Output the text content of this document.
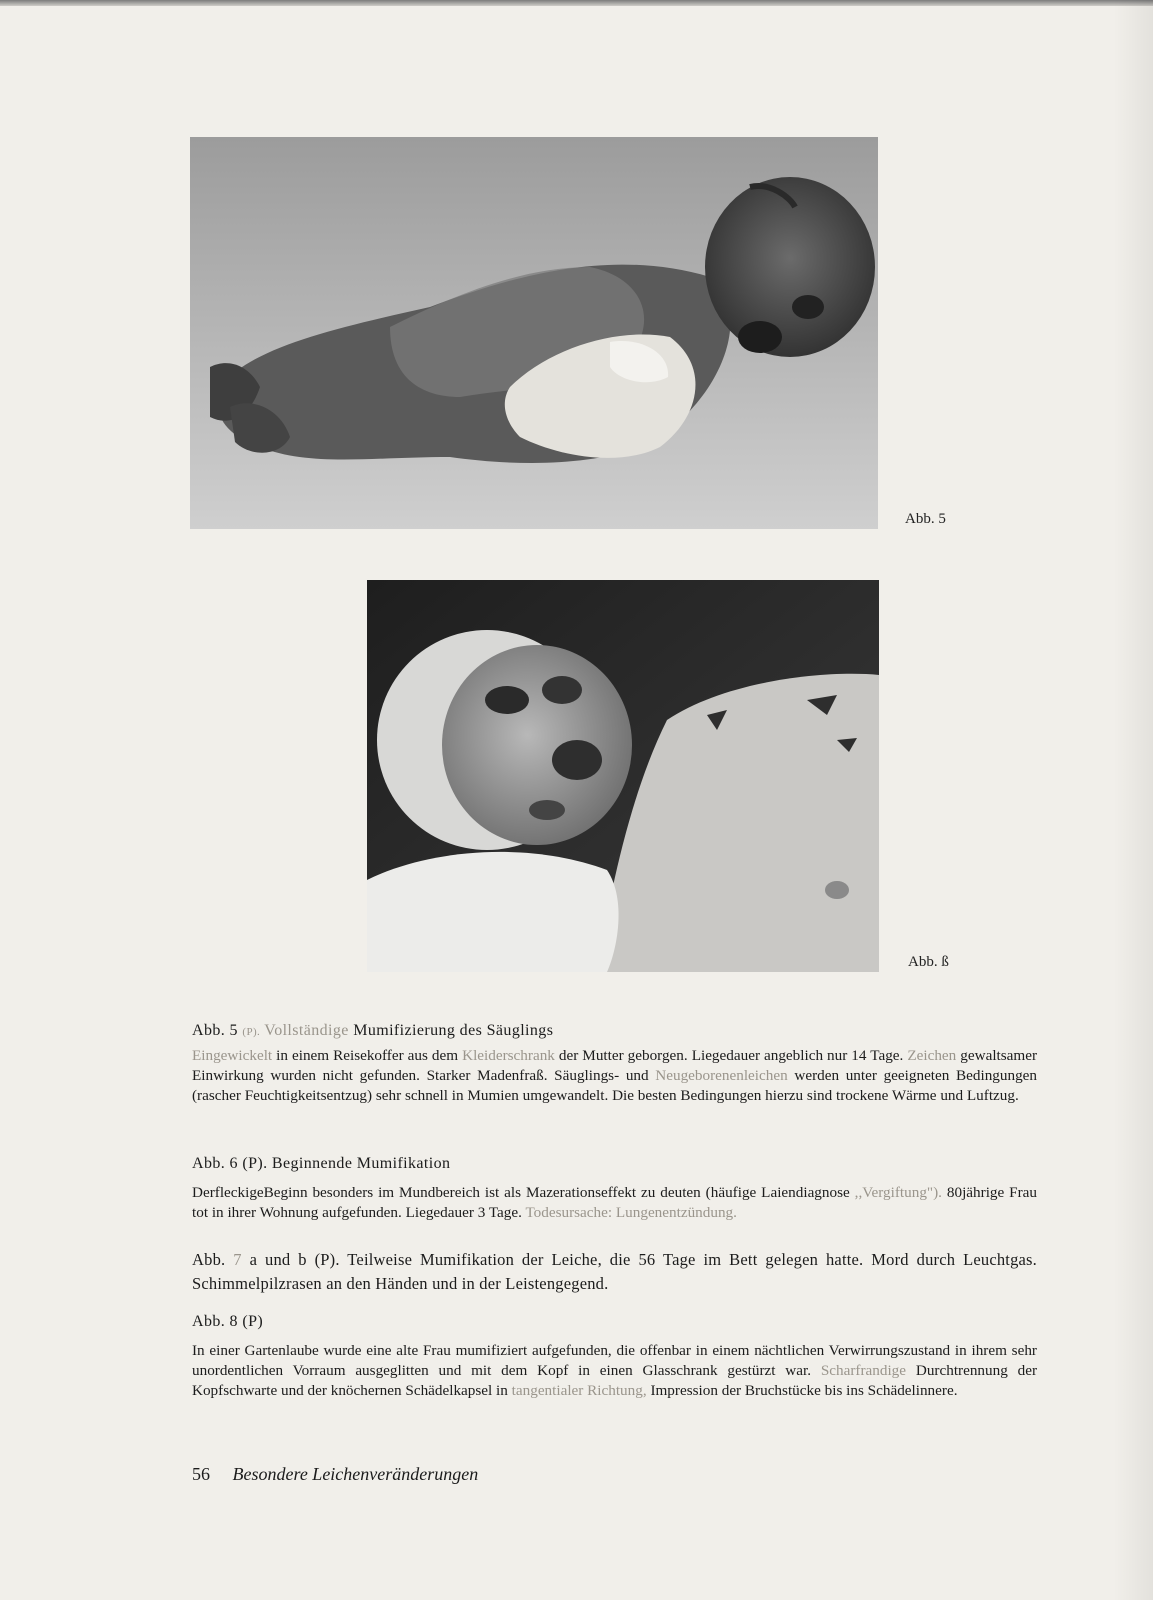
Abb. 5
Abb. ß

Abb. 5 (P). Vollständige Mumifizierung des Säuglings

Eingewickelt in einem Reisekoffer aus dem Kleiderschrank der Mutter geborgen. Liegedauer angeblich nur 14 Tage. Zeichen gewaltsamer Einwirkung wurden nicht gefunden. Starker Madenfraß. Säuglings- und Neugeborenenleichen werden unter geeigneten Bedingungen (rascher Feuchtigkeitsentzug) sehr schnell in Mumien umgewandelt. Die besten Bedingungen hierzu sind trockene Wärme und Luftzug.

Abb. 6 (P). Beginnende Mumifikation

DerfleckigeBeginn besonders im Mundbereich ist als Mazerationseffekt zu deuten (häufige Laiendiagnose ,,Vergiftung"). 80jährige Frau tot in ihrer Wohnung aufgefunden. Liegedauer 3 Tage. Todesursache: Lungenentzündung.

Abb. 7 a und b (P). Teilweise Mumifikation der Leiche, die 56 Tage im Bett gelegen hatte. Mord durch Leuchtgas. Schimmelpilzrasen an den Händen und in der Leistengegend.

Abb. 8 (P)

In einer Gartenlaube wurde eine alte Frau mumifiziert aufgefunden, die offenbar in einem nächtlichen Verwirrungszustand in ihrem sehr unordentlichen Vorraum ausgeglitten und mit dem Kopf in einen Glasschrank gestürzt war. Scharfrandige Durchtrennung der Kopfschwarte und der knöchernen Schädelkapsel in tangentialer Richtung, Impression der Bruchstücke bis ins Schädelinnere.

56 Besondere Leichenveränderungen
